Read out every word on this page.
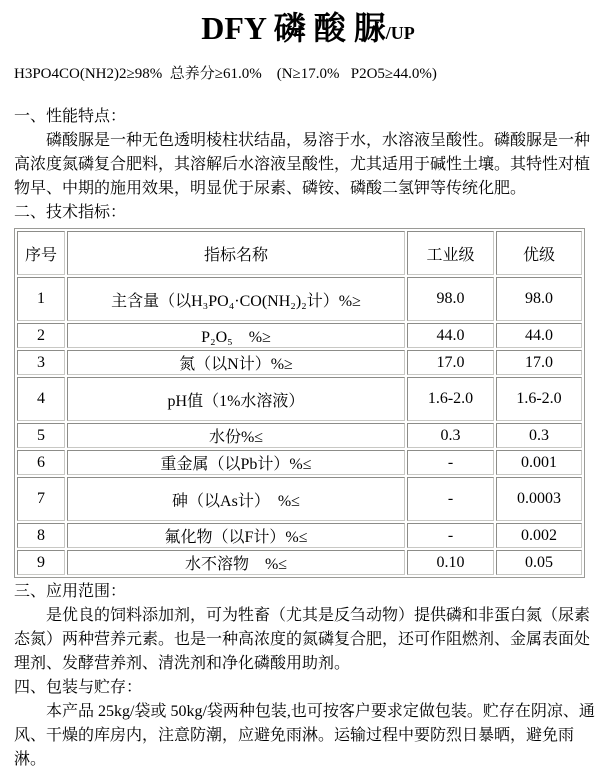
DFY 磷 酸 脲/UP
H3PO4CO(NH2)2≥98%  总养分≥61.0%    (N≥17.0%   P2O5≥44.0%)
一、性能特点：

磷酸脲是一种无色透明棱柱状结晶，易溶于水，水溶液呈酸性。磷酸脲是一种高浓度氮磷复合肥料，其溶解后水溶液呈酸性，尤其适用于碱性土壤。其特性对植物早、中期的施用效果，明显优于尿素、磷铵、磷酸二氢钾等传统化肥。

二、技术指标：
序号	指标名称	工业级	优级
1	主含量（以H₃PO₄·CO(NH₂)₂计）%≥	98.0	98.0
2	P₂O₅　%≥	44.0	44.0
3	氮（以N计）%≥	17.0	17.0
4	pH值（1%水溶液）	1.6-2.0	1.6-2.0
5	水份%≤	0.3	0.3
6	重金属（以Pb计）%≤	-	0.001
7	砷（以As计）　%≤	-	0.0003
8	氟化物（以F计）%≤	-	0.002
9	水不溶物　%≤	0.10	0.05
三、应用范围：

是优良的饲料添加剂，可为牲畜（尤其是反刍动物）提供磷和非蛋白氮（尿素态氮）两种营养元素。也是一种高浓度的氮磷复合肥，还可作阻燃剂、金属表面处理剂、发酵营养剂、清洗剂和净化磷酸用助剂。

四、包装与贮存：

本产品 25kg/袋或 50kg/袋两种包装,也可按客户要求定做包装。贮存在阴凉、通风、干燥的库房内，注意防潮，应避免雨淋。运输过程中要防烈日暴晒，避免雨淋。
